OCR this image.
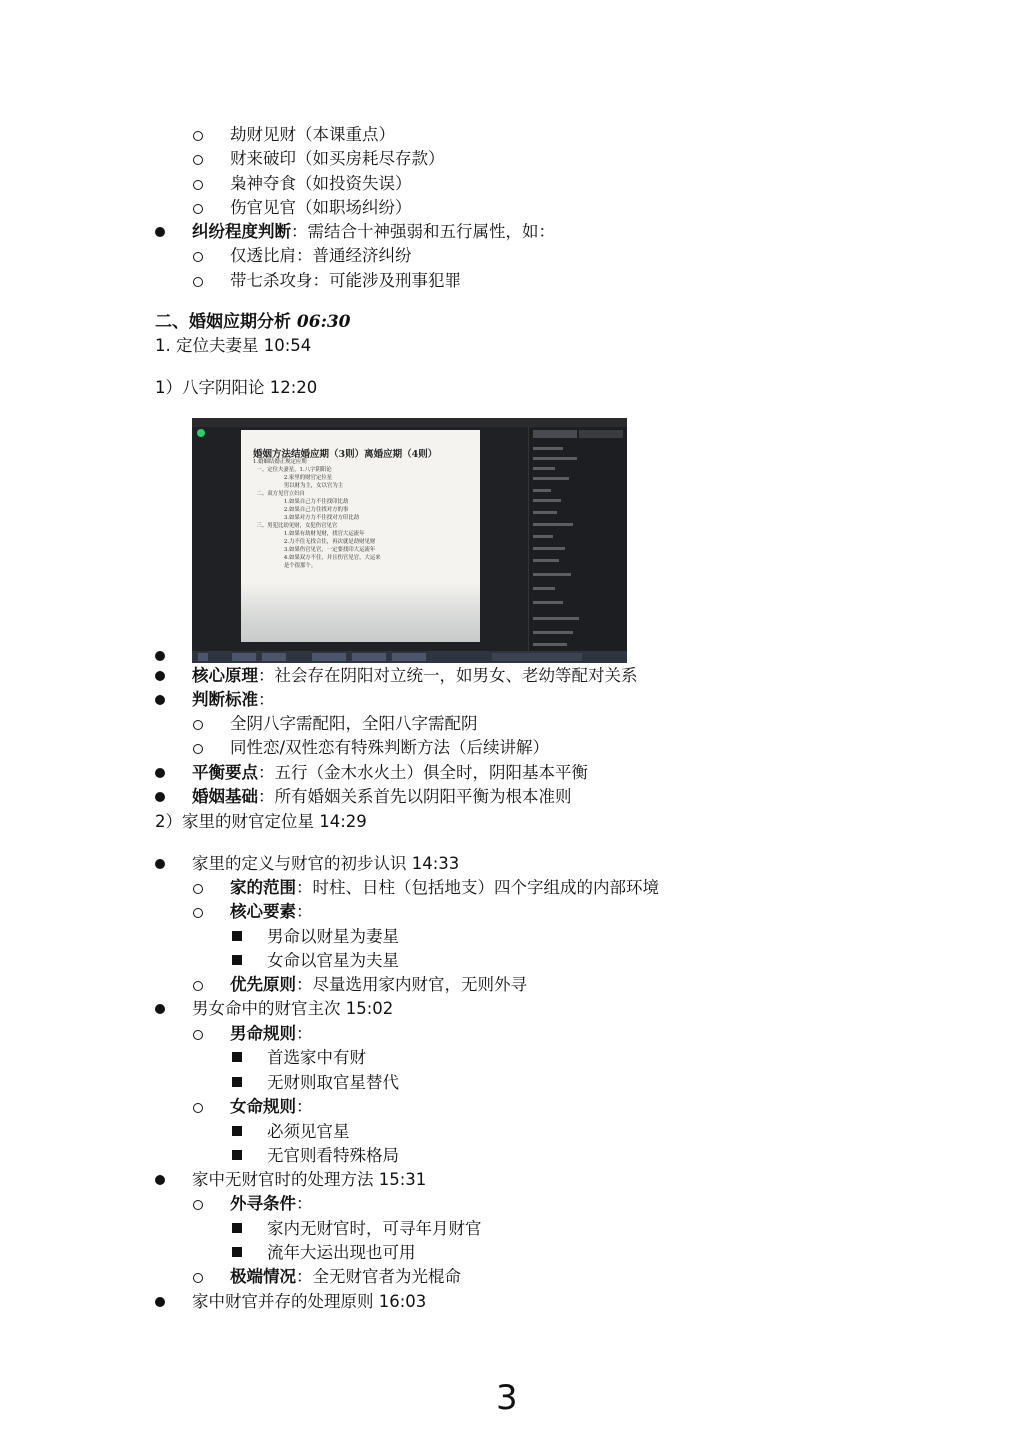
劫财见财（本课重点）
财来破印（如买房耗尽存款）
枭神夺食（如投资失误）
伤官见官（如职场纠纷）
纠纷程度判断：需结合十神强弱和五行属性，如：
仅透比肩：普通经济纠纷
带七杀攻身：可能涉及刑事犯罪
二、婚姻应期分析 06:30
1. 定位夫妻星 10:54
1）八字阴阳论 12:20
婚姻方法结婚应期（3则）离婚应期（4则）
1.婚姻结婚正规定应期
一、定位夫妻星，1.八字阴阳论
2.家里的财官定位星
男以财为主，女以官为主
二、双方见官立妇自
1.如果自己力不住找印比劫
2.如果自己力住找对方的事
3.如果对方力不住找对方印比劫
三、男犯比劫见财，女犯伤官见官
1.如果有劫财见财，找官大运流年
2.力不住无找合住，再次就是劫财见财
3.如果伤官见官，一定要找印大运流年
4.如果双方不住，并且伤官见官，大运来
是个很那个。
核心原理：社会存在阴阳对立统一，如男女、老幼等配对关系
判断标准：
全阴八字需配阳，全阳八字需配阴
同性恋/双性恋有特殊判断方法（后续讲解）
平衡要点：五行（金木水火土）俱全时，阴阳基本平衡
婚姻基础：所有婚姻关系首先以阴阳平衡为根本准则
2）家里的财官定位星 14:29
家里的定义与财官的初步认识 14:33
家的范围：时柱、日柱（包括地支）四个字组成的内部环境
核心要素：
男命以财星为妻星
女命以官星为夫星
优先原则：尽量选用家内财官，无则外寻
男女命中的财官主次 15:02
男命规则：
首选家中有财
无财则取官星替代
女命规则：
必须见官星
无官则看特殊格局
家中无财官时的处理方法 15:31
外寻条件：
家内无财官时，可寻年月财官
流年大运出现也可用
极端情况：全无财官者为光棍命
家中财官并存的处理原则 16:03
3
